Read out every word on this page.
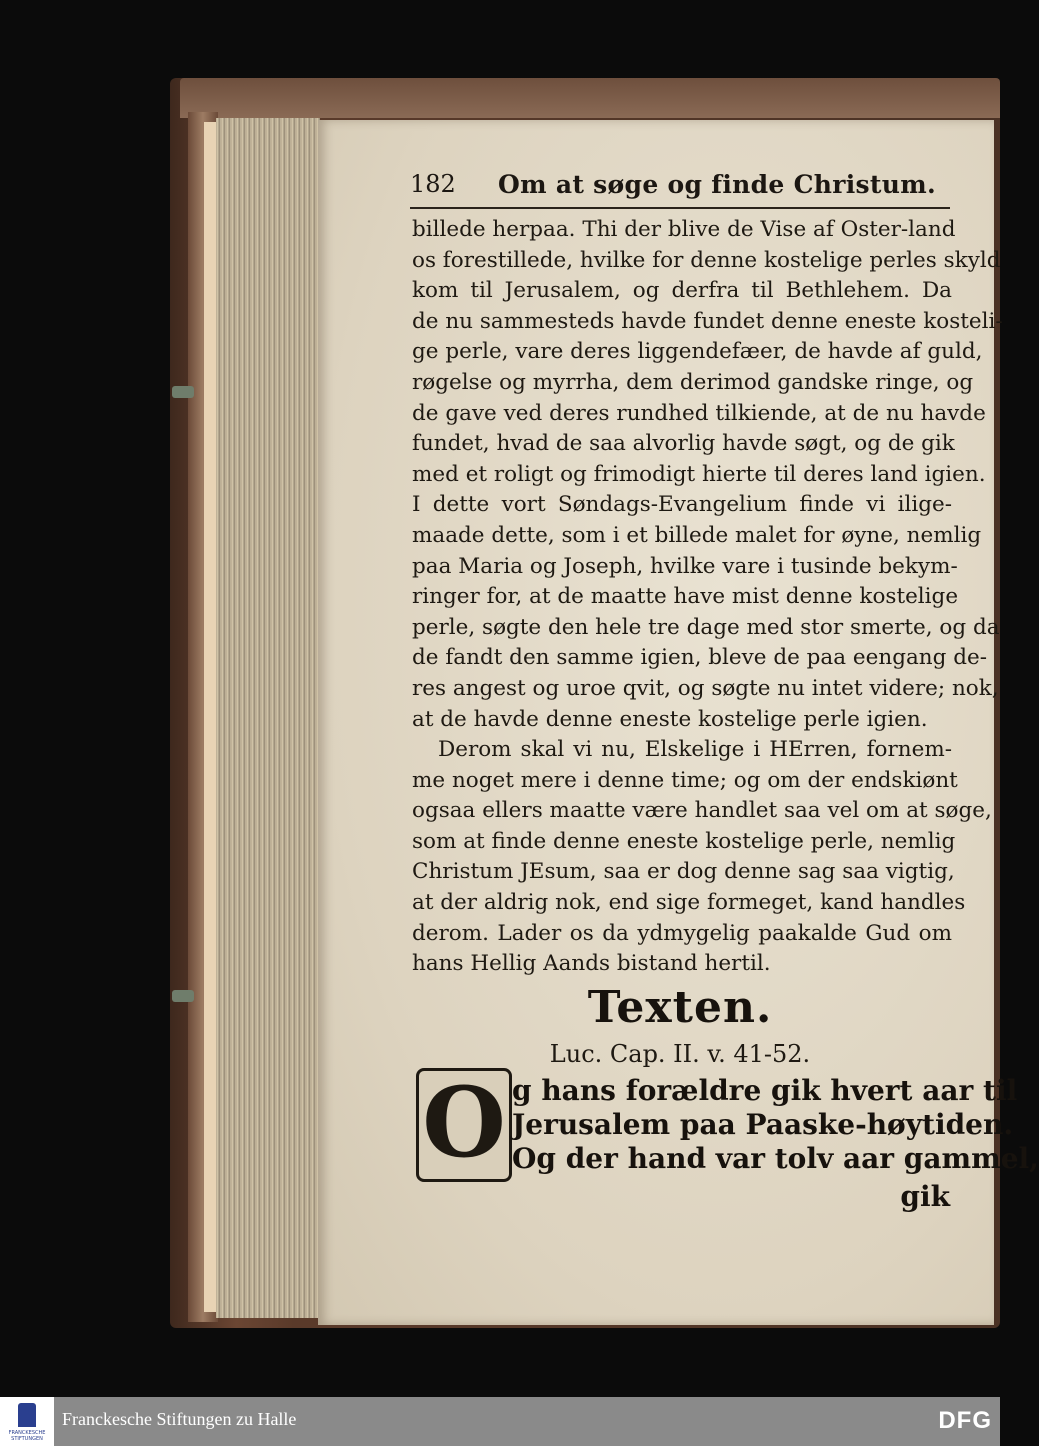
182 Om at søge og finde Christum.
billede herpaa. Thi der blive de Vise af Oster-land
os forestillede, hvilke for denne kostelige perles skyld
kom til Jerusalem, og derfra til Bethlehem. Da
de nu sammesteds havde fundet denne eneste kosteli-
ge perle, vare deres liggendefæer, de havde af guld,
røgelse og myrrha, dem derimod gandske ringe, og
de gave ved deres rundhed tilkiende, at de nu havde
fundet, hvad de saa alvorlig havde søgt, og de gik
med et roligt og frimodigt hierte til deres land igien.
I dette vort Søndags-Evangelium finde vi ilige-
maade dette, som i et billede malet for øyne, nemlig
paa Maria og Joseph, hvilke vare i tusinde bekym-
ringer for, at de maatte have mist denne kostelige
perle, søgte den hele tre dage med stor smerte, og da
de fandt den samme igien, bleve de paa eengang de-
res angest og uroe qvit, og søgte nu intet videre; nok,
at de havde denne eneste kostelige perle igien.
Derom skal vi nu, Elskelige i HErren, fornem-
me noget mere i denne time; og om der endskiønt
ogsaa ellers maatte være handlet saa vel om at søge,
som at finde denne eneste kostelige perle, nemlig
Christum JEsum, saa er dog denne sag saa vigtig,
at der aldrig nok, end sige formeget, kand handles
derom. Lader os da ydmygelig paakalde Gud om
hans Hellig Aands bistand hertil.
Texten.
Luc. Cap. II. v. 41-52.
O g hans forældre gik hvert aar til
Jerusalem paa Paaske-høytiden.
Og der hand var tolv aar gammel,
gik
FRANCKESCHE STIFTUNGEN
Franckesche Stiftungen zu Halle	DFG
